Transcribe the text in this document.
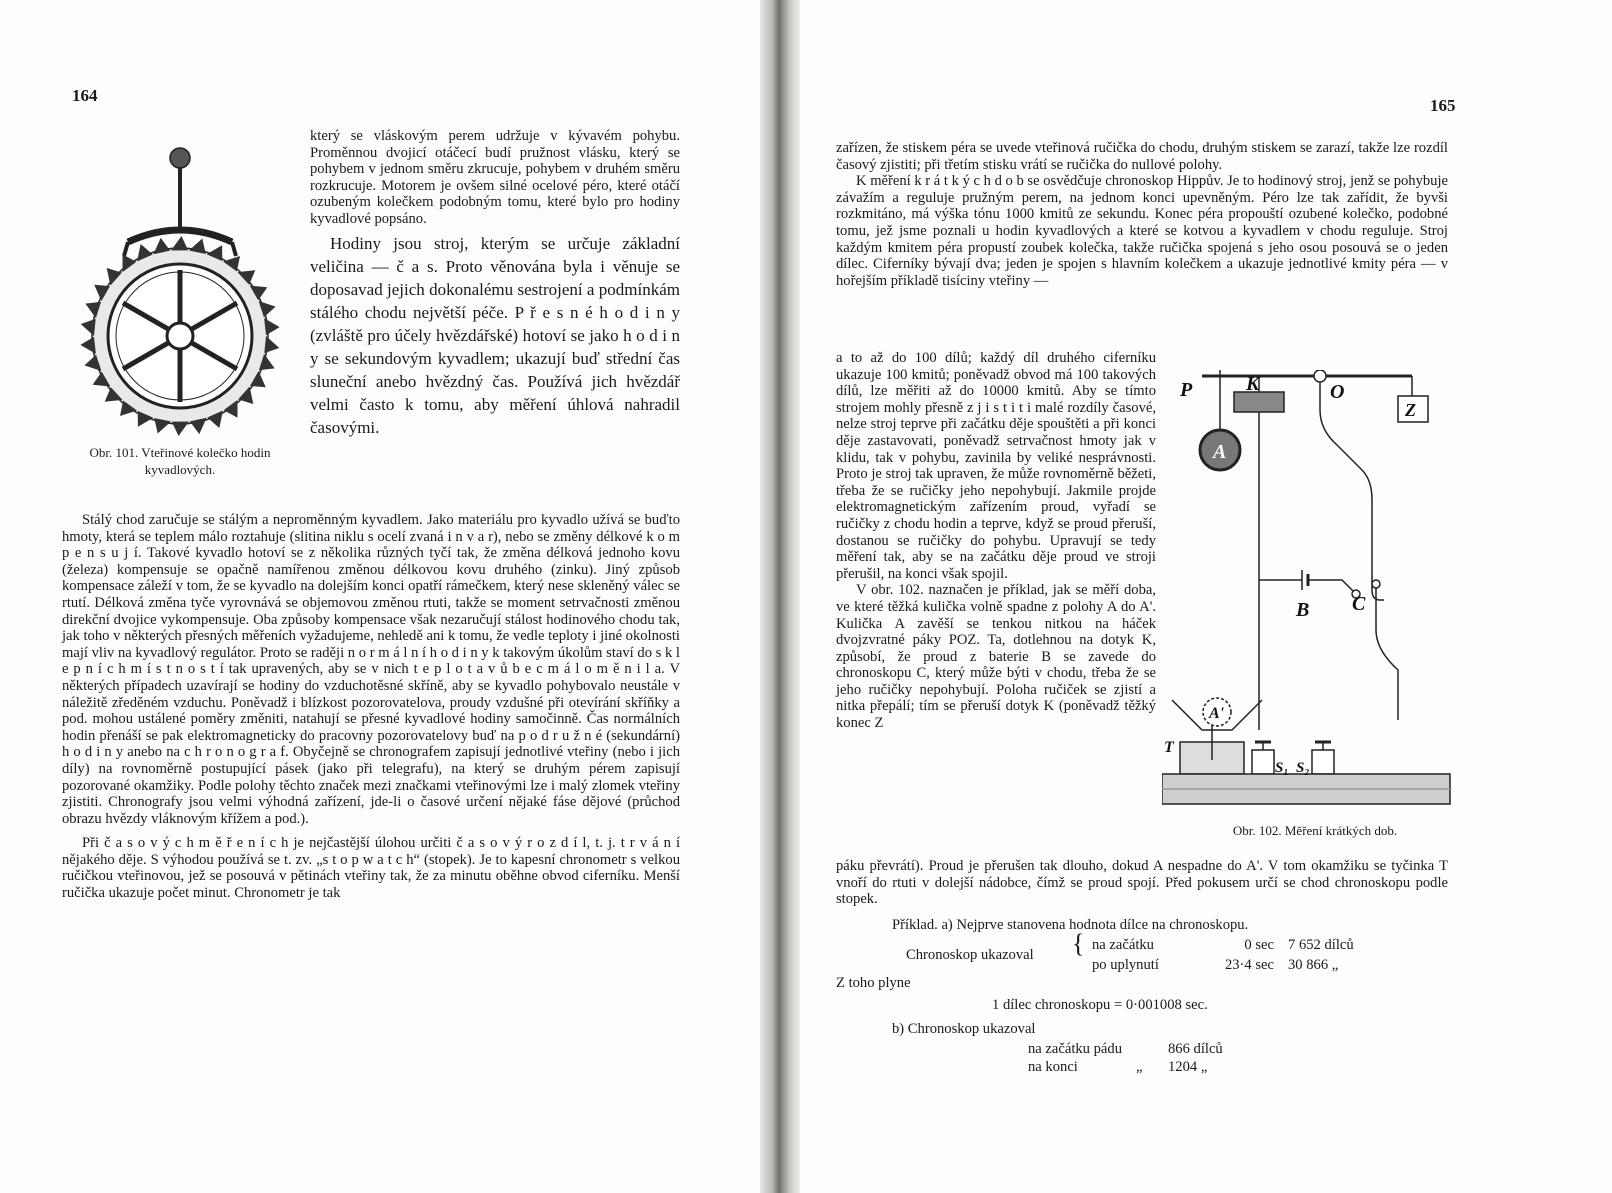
164
Obr. 101. Vteřinové kolečko hodin kyvadlových.

který se vláskovým perem udržuje v kývavém pohybu. Proměnnou dvojicí otáčecí budí pružnost vlásku, který se pohybem v jednom směru zkrucuje, pohybem v druhém směru rozkrucuje. Motorem je ovšem silné ocelové péro, které otáčí ozubeným kolečkem podobným tomu, které bylo pro hodiny kyvadlové popsáno.

Hodiny jsou stroj, kterým se určuje základní veličina — č a s. Proto věnována byla i věnuje se doposavad jejich dokonalému sestrojení a podmínkám stálého chodu největší péče. P ř e s n é h o d i n y (zvláště pro účely hvězdářské) hotoví se jako h o d i n y se sekundovým kyvadlem; ukazují buď střední čas sluneční anebo hvězdný čas. Používá jich hvězdář velmi často k tomu, aby měření úhlová nahradil časovými.

Stálý chod zaručuje se stálým a neproměnným kyvadlem. Jako materiálu pro kyvadlo užívá se buďto hmoty, která se teplem málo roztahuje (slitina niklu s ocelí zvaná i n v a r), nebo se změny délkové k o m p e n s u j í. Takové kyvadlo hotoví se z několika různých tyčí tak, že změna délková jednoho kovu (železa) kompensuje se opačně namířenou změnou délkovou kovu druhého (zinku). Jiný způsob kompensace záleží v tom, že se kyvadlo na dolejším konci opatří rámečkem, který nese skleněný válec se rtutí. Délková změna tyče vyrovnává se objemovou změnou rtuti, takže se moment setrvačnosti změnou direkční dvojice vykompensuje. Oba způsoby kompensace však nezaručují stálost hodinového chodu tak, jak toho v některých přesných měřeních vyžadujeme, nehledě ani k tomu, že vedle teploty i jiné okolnosti mají vliv na kyvadlový regulátor. Proto se raději n o r m á l n í h o d i n y k takovým úkolům staví do s k l e p n í c h m í s t n o s t í tak upravených, aby se v nich t e p l o t a v ů b e c m á l o m ě n i l a. V některých případech uzavírají se hodiny do vzduchotěsné skříně, aby se kyvadlo pohybovalo neustále v náležitě zředěném vzduchu. Poněvadž i blízkost pozorovatelova, proudy vzdušné při otevírání skříňky a pod. mohou ustálené poměry změniti, natahují se přesné kyvadlové hodiny samočinně. Čas normálních hodin přenáší se pak elektromagneticky do pracovny pozorovatelovy buď na p o d r u ž n é (sekundární) h o d i n y anebo na c h r o n o g r a f. Obyčejně se chronografem zapisují jednotlivé vteřiny (nebo i jich díly) na rovnoměrně postupující pásek (jako při telegrafu), na který se druhým pérem zapisují pozorované okamžiky. Podle polohy těchto značek mezi značkami vteřinovými lze i malý zlomek vteřiny zjistiti. Chronografy jsou velmi výhodná zařízení, jde-li o časové určení nějaké fáse dějové (průchod obrazu hvězdy vláknovým křížem a pod.).

Při č a s o v ý c h m ě ř e n í c h je nejčastější úlohou určiti č a s o v ý r o z d í l, t. j. t r v á n í nějakého děje. S výhodou používá se t. zv. „s t o p w a t c h“ (stopek). Je to kapesní chronometr s velkou ručičkou vteřinovou, jež se posouvá v pětinách vteřiny tak, že za minutu oběhne obvod ciferníku. Menší ručička ukazuje počet minut. Chronometr je tak

165

zařízen, že stiskem péra se uvede vteřinová ručička do chodu, druhým stiskem se zarazí, takže lze rozdíl časový zjistiti; při třetím stisku vrátí se ručička do nullové polohy.

K měření k r á t k ý c h d o b se osvědčuje chronoskop Hippův. Je to hodinový stroj, jenž se pohybuje závažím a reguluje pružným perem, na jednom konci upevněným. Péro lze tak zařídit, že byvši rozkmitáno, má výška tónu 1000 kmitů ze sekundu. Konec péra propouští ozubené kolečko, podobné tomu, jež jsme poznali u hodin kyvadlových a které se kotvou a kyvadlem v chodu reguluje. Stroj každým kmitem péra propustí zoubek kolečka, takže ručička spojená s jeho osou posouvá se o jeden dílec. Ciferníky bývají dva; jeden je spojen s hlavním kolečkem a ukazuje jednotlivé kmity péra — v hořejším příkladě tisíciny vteřiny —

a to až do 100 dílů; každý díl druhého ciferníku ukazuje 100 kmitů; poněvadž obvod má 100 takových dílů, lze měřiti až do 10000 kmitů. Aby se tímto strojem mohly přesně z j i s t i t i malé rozdíly časové, nelze stroj teprve při začátku děje spouštěti a při konci děje zastavovati, poněvadž setrvačnost hmoty jak v klidu, tak v pohybu, zavinila by veliké nesprávnosti. Proto je stroj tak upraven, že může rovnoměrně běžeti, třeba že se ručičky jeho nepohybují. Jakmile projde elektromagnetickým zařízením proud, vyřadí se ručičky z chodu hodin a teprve, když se proud přeruší, dostanou se ručičky do pohybu. Upravují se tedy měření tak, aby se na začátku děje proud ve stroji přerušil, na konci však spojil.

V obr. 102. naznačen je příklad, jak se měří doba, ve které těžká kulička volně spadne z polohy A do A'. Kulička A zavěší se tenkou nitkou na háček dvojzvratné páky POZ. Ta, dotlehnou na dotyk K, způsobí, že proud z baterie B se zavede do chronoskopu C, který může býti v chodu, třeba že se jeho ručičky nepohybují. Poloha ručiček se zjistí a nitka přepálí; tím se přeruší dotyk K (poněvadž těžký konec Z

P	K	O
Z
A
B C
A'
T
S₁ S₂
Obr. 102. Měření krátkých dob.

páku převrátí). Proud je přerušen tak dlouho, dokud A nespadne do A'. V tom okamžiku se tyčinka T vnoří do rtuti v dolejší nádobce, čímž se proud spojí. Před pokusem určí se chod chronoskopu podle stopek.

Příklad. a) Nejprve stanovena hodnota dílce na chronoskopu.
Chronoskop ukazoval { na začátku	0 sec 7 652 dílců
po uplynutí	23·4 sec 30 866 „
Z toho plyne
1 dílec chronoskopu = 0·001008 sec.
b) Chronoskop ukazoval
na začátku pádu	866 dílců
na konci	„ 1204 „
